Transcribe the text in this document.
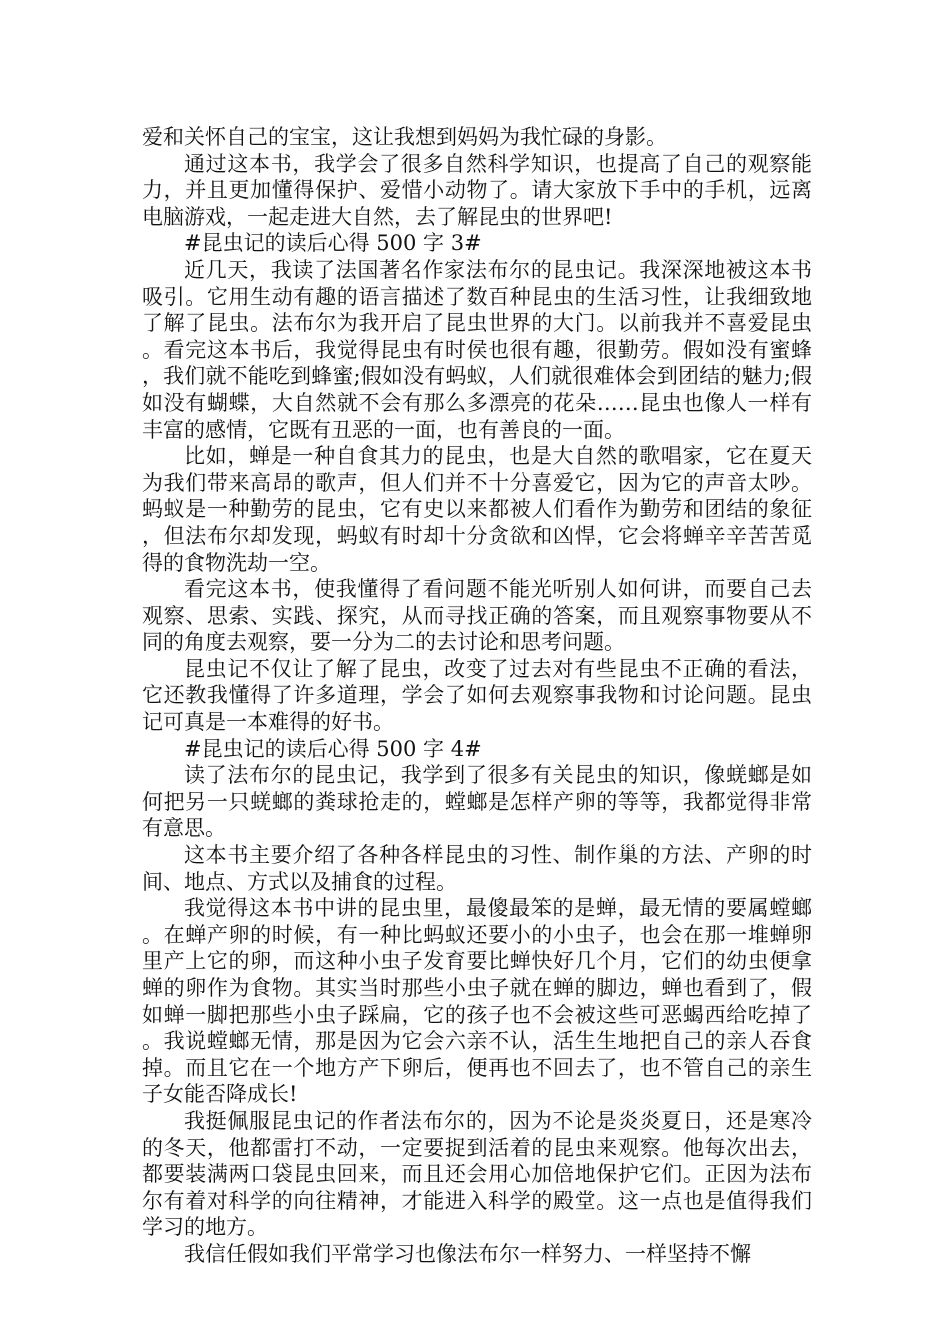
爱和关怀自己的宝宝，这让我想到妈妈为我忙碌的身影。

通过这本书，我学会了很多自然科学知识，也提高了自己的观察能力，并且更加懂得保护、爱惜小动物了。请大家放下手中的手机，远离电脑游戏，一起走进大自然，去了解昆虫的世界吧!

#昆虫记的读后心得 500 字 3#

近几天，我读了法国著名作家法布尔的昆虫记。我深深地被这本书吸引。它用生动有趣的语言描述了数百种昆虫的生活习性，让我细致地了解了昆虫。法布尔为我开启了昆虫世界的大门。以前我并不喜爱昆虫。看完这本书后，我觉得昆虫有时侯也很有趣，很勤劳。假如没有蜜蜂，我们就不能吃到蜂蜜;假如没有蚂蚁，人们就很难体会到团结的魅力;假如没有蝴蝶，大自然就不会有那么多漂亮的花朵……昆虫也像人一样有丰富的感情，它既有丑恶的一面，也有善良的一面。

比如，蝉是一种自食其力的昆虫，也是大自然的歌唱家，它在夏天为我们带来高昂的歌声，但人们并不十分喜爱它，因为它的声音太吵。蚂蚁是一种勤劳的昆虫，它有史以来都被人们看作为勤劳和团结的象征，但法布尔却发现，蚂蚁有时却十分贪欲和凶悍，它会将蝉辛辛苦苦觅得的食物洗劫一空。

看完这本书，使我懂得了看问题不能光听别人如何讲，而要自己去观察、思索、实践、探究，从而寻找正确的答案，而且观察事物要从不同的角度去观察，要一分为二的去讨论和思考问题。

昆虫记不仅让了解了昆虫，改变了过去对有些昆虫不正确的看法，它还教我懂得了许多道理，学会了如何去观察事我物和讨论问题。昆虫记可真是一本难得的好书。

#昆虫记的读后心得 500 字 4#

读了法布尔的昆虫记，我学到了很多有关昆虫的知识，像蜣螂是如何把另一只蜣螂的粪球抢走的，螳螂是怎样产卵的等等，我都觉得非常有意思。

这本书主要介绍了各种各样昆虫的习性、制作巢的方法、产卵的时间、地点、方式以及捕食的过程。

我觉得这本书中讲的昆虫里，最傻最笨的是蝉，最无情的要属螳螂。在蝉产卵的时候，有一种比蚂蚁还要小的小虫子，也会在那一堆蝉卵里产上它的卵，而这种小虫子发育要比蝉快好几个月，它们的幼虫便拿蝉的卵作为食物。其实当时那些小虫子就在蝉的脚边，蝉也看到了，假如蝉一脚把那些小虫子踩扁，它的孩子也不会被这些可恶蝎西给吃掉了。我说螳螂无情，那是因为它会六亲不认，活生生地把自己的亲人吞食掉。而且它在一个地方产下卵后，便再也不回去了，也不管自己的亲生子女能否降成长!

我挺佩服昆虫记的作者法布尔的，因为不论是炎炎夏日，还是寒冷的冬天，他都雷打不动，一定要捉到活着的昆虫来观察。他每次出去，都要装满两口袋昆虫回来，而且还会用心加倍地保护它们。正因为法布尔有着对科学的向往精神，才能进入科学的殿堂。这一点也是值得我们学习的地方。

我信任假如我们平常学习也像法布尔一样努力、一样坚持不懈
